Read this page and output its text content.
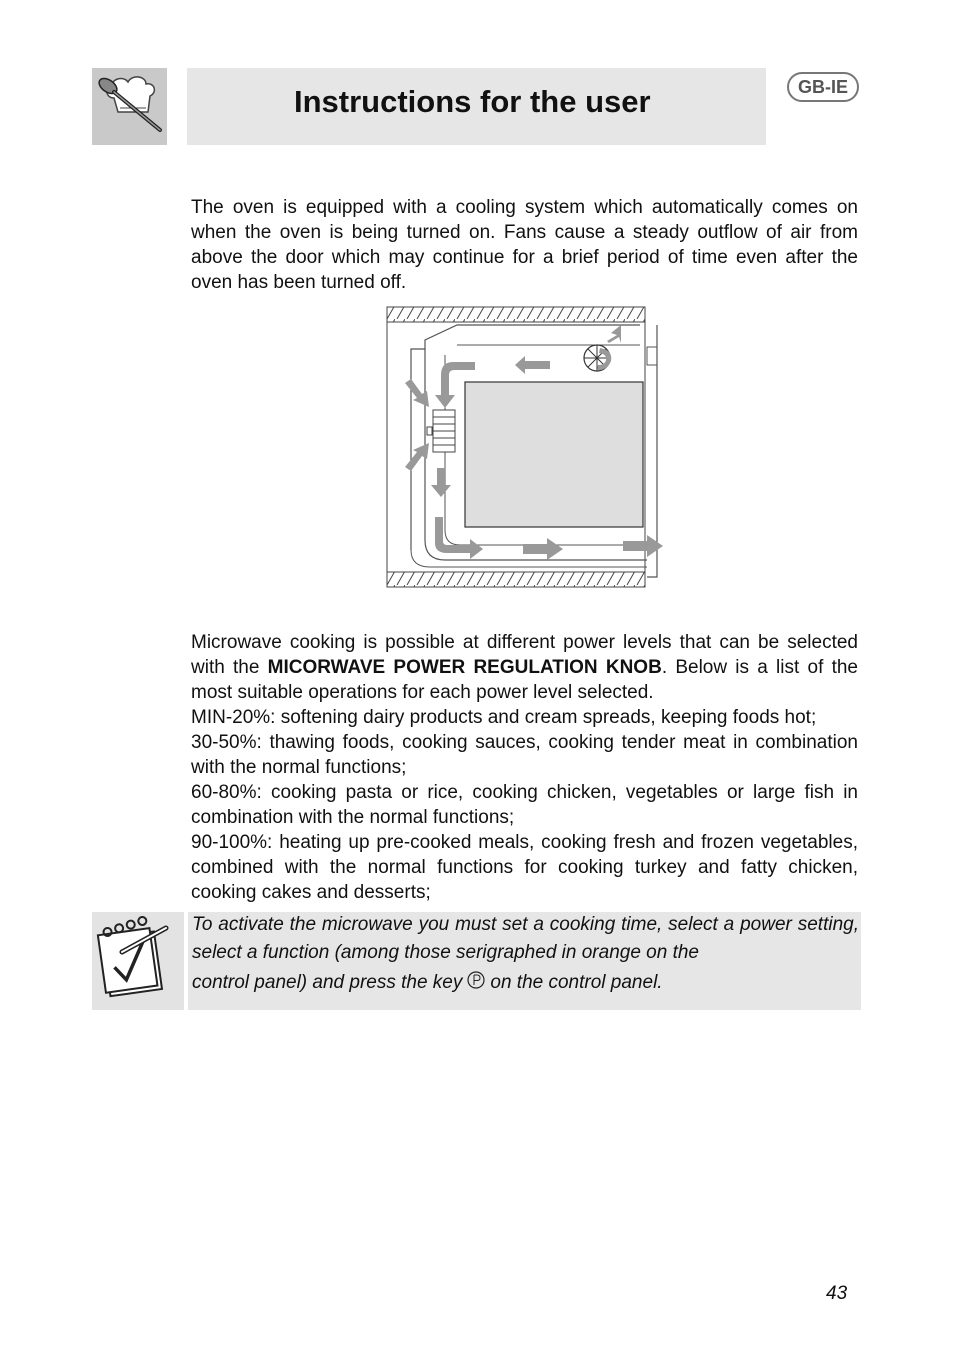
Instructions for the user	GB-IE

The oven is equipped with a cooling system which automatically comes on when the oven is being turned on. Fans cause a steady outflow of air from above the door which may continue for a brief period of time even after the oven has been turned off.

Microwave cooking is possible at different power levels that can be selected with the MICORWAVE POWER REGULATION KNOB. Below is a list of the most suitable operations for each power level selected.
MIN-20%: softening dairy products and cream spreads, keeping foods hot;
30-50%: thawing foods, cooking sauces, cooking tender meat in combination with the normal functions;
60-80%: cooking pasta or rice, cooking chicken, vegetables or large fish in combination with the normal functions;
90-100%: heating up pre-cooked meals, cooking fresh and frozen vegetables, combined with the normal functions for cooking turkey and fatty chicken, cooking cakes and desserts;
To activate the microwave you must set a cooking time, select a power setting, select a function (among those serigraphed in orange on the
control panel) and press the key on the control panel.
43
